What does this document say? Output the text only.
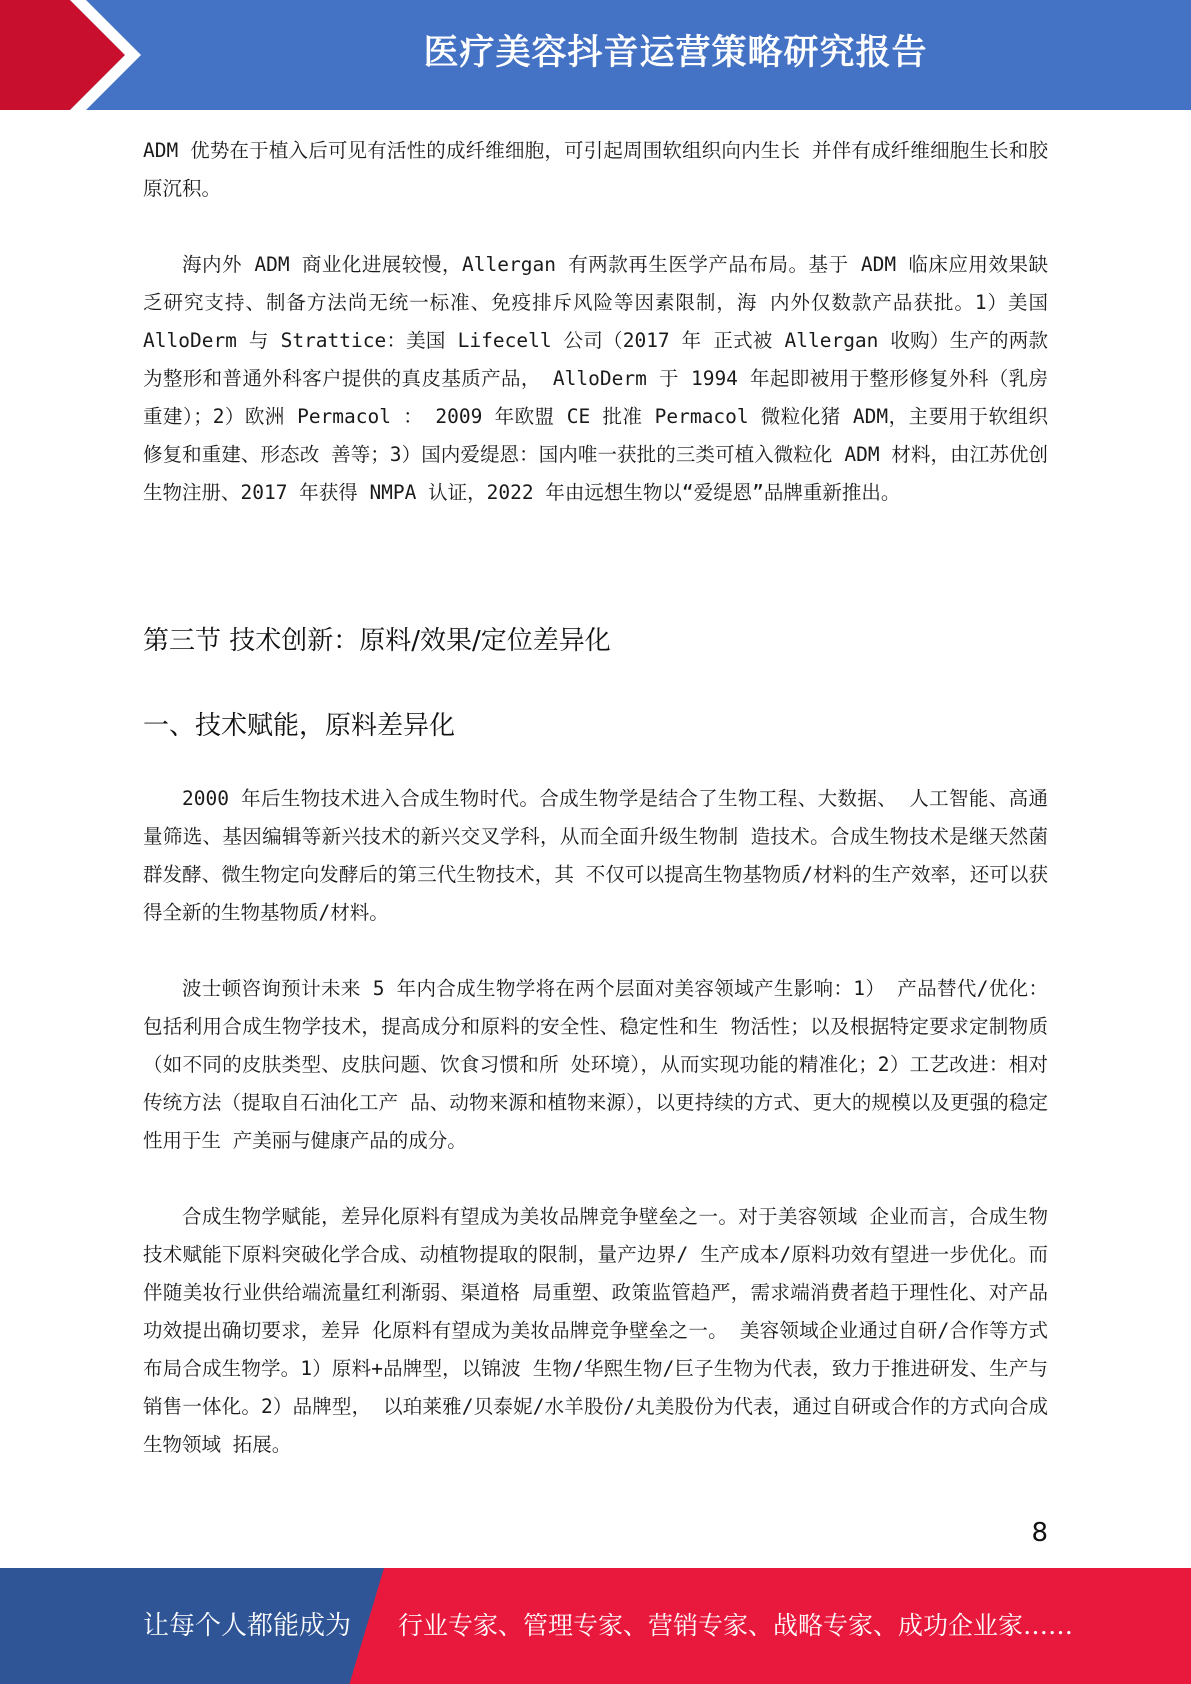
医疗美容抖音运营策略研究报告

ADM 优势在于植入后可见有活性的成纤维细胞，可引起周围软组织向内生长 并伴有成纤维细胞生长和胶原沉积。

海内外 ADM 商业化进展较慢，Allergan 有两款再生医学产品布局。基于 ADM 临床应用效果缺乏研究支持、制备方法尚无统一标准、免疫排斥风险等因素限制，海 内外仅数款产品获批。1）美国 AlloDerm 与 Strattice：美国 Lifecell 公司（2017 年 正式被 Allergan 收购）生产的两款为整形和普通外科客户提供的真皮基质产品， AlloDerm 于 1994 年起即被用于整形修复外科（乳房重建）；2）欧洲 Permacol ： 2009 年欧盟 CE 批准 Permacol 微粒化猪 ADM，主要用于软组织修复和重建、形态改 善等；3）国内爱缇恩：国内唯一获批的三类可植入微粒化 ADM 材料，由江苏优创 生物注册、2017 年获得 NMPA 认证，2022 年由远想生物以“爱缇恩”品牌重新推出。

第三节 技术创新：原料/效果/定位差异化
一、技术赋能，原料差异化

2000 年后生物技术进入合成生物时代。合成生物学是结合了生物工程、大数据、 人工智能、高通量筛选、基因编辑等新兴技术的新兴交叉学科，从而全面升级生物制 造技术。合成生物技术是继天然菌群发酵、微生物定向发酵后的第三代生物技术，其 不仅可以提高生物基物质/材料的生产效率，还可以获得全新的生物基物质/材料。

波士顿咨询预计未来 5 年内合成生物学将在两个层面对美容领域产生影响：1） 产品替代/优化：包括利用合成生物学技术，提高成分和原料的安全性、稳定性和生 物活性；以及根据特定要求定制物质（如不同的皮肤类型、皮肤问题、饮食习惯和所 处环境），从而实现功能的精准化；2）工艺改进：相对传统方法（提取自石油化工产 品、动物来源和植物来源），以更持续的方式、更大的规模以及更强的稳定性用于生 产美丽与健康产品的成分。

合成生物学赋能，差异化原料有望成为美妆品牌竞争壁垒之一。对于美容领域 企业而言，合成生物技术赋能下原料突破化学合成、动植物提取的限制，量产边界/ 生产成本/原料功效有望进一步优化。而伴随美妆行业供给端流量红利渐弱、渠道格 局重塑、政策监管趋严，需求端消费者趋于理性化、对产品功效提出确切要求，差异 化原料有望成为美妆品牌竞争壁垒之一。 美容领域企业通过自研/合作等方式布局合成生物学。1）原料+品牌型，以锦波 生物/华熙生物/巨子生物为代表，致力于推进研发、生产与销售一体化。2）品牌型， 以珀莱雅/贝泰妮/水羊股份/丸美股份为代表，通过自研或合作的方式向合成生物领域 拓展。

8
让每个人都能成为 行业专家、管理专家、营销专家、战略专家、成功企业家……
